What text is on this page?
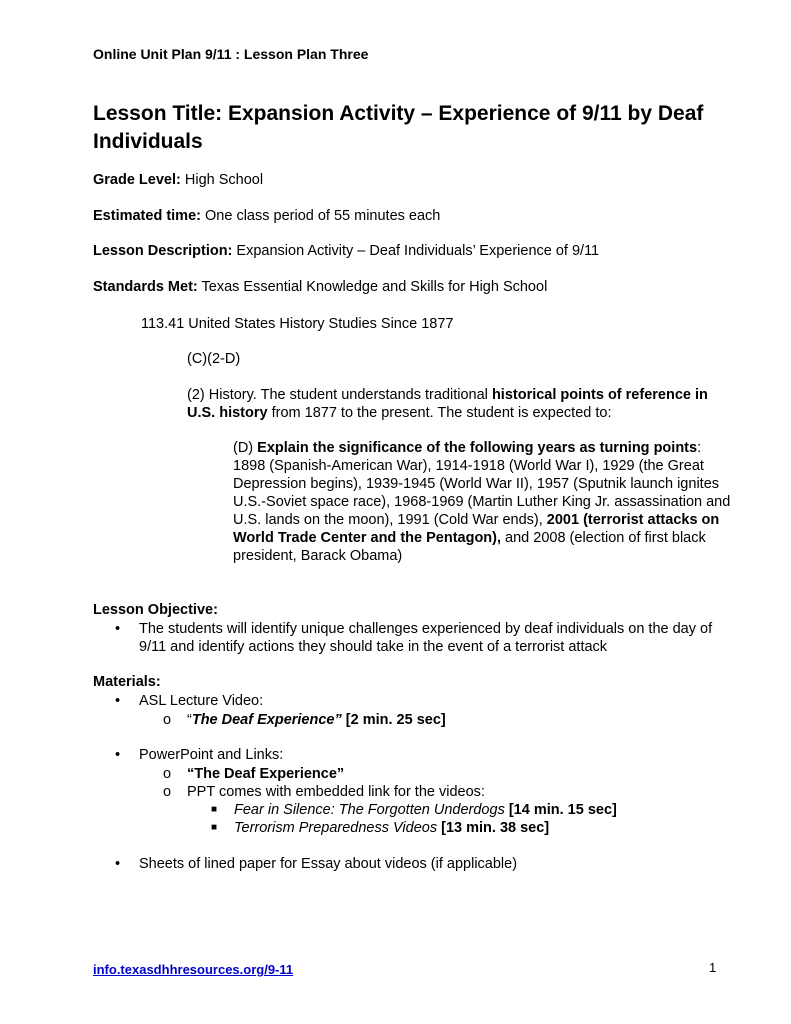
Online Unit Plan 9/11 : Lesson Plan Three
Lesson Title: Expansion Activity – Experience of 9/11 by Deaf Individuals
Grade Level: High School
Estimated time: One class period of 55 minutes each
Lesson Description: Expansion Activity – Deaf Individuals’ Experience of 9/11
Standards Met: Texas Essential Knowledge and Skills for High School
113.41 United States History Studies Since 1877
(C)(2-D)
(2) History. The student understands traditional historical points of reference in U.S. history from 1877 to the present. The student is expected to:
(D) Explain the significance of the following years as turning points: 1898 (Spanish-American War), 1914-1918 (World War I), 1929 (the Great Depression begins), 1939-1945 (World War II), 1957 (Sputnik launch ignites U.S.-Soviet space race), 1968-1969 (Martin Luther King Jr. assassination and U.S. lands on the moon), 1991 (Cold War ends), 2001 (terrorist attacks on World Trade Center and the Pentagon), and 2008 (election of first black president, Barack Obama)
Lesson Objective:
•	The students will identify unique challenges experienced by deaf individuals on the day of 9/11 and identify actions they should take in the event of a terrorist attack
Materials:
• ASL Lecture Video:
o “The Deaf Experience” [2 min. 25 sec]
• PowerPoint and Links:
o “The Deaf Experience”
o PPT comes with embedded link for the videos:
■ Fear in Silence: The Forgotten Underdogs [14 min. 15 sec]
■ Terrorism Preparedness Videos [13 min. 38 sec]
• Sheets of lined paper for Essay about videos (if applicable)
info.texasdhhresources.org/9-11	1
